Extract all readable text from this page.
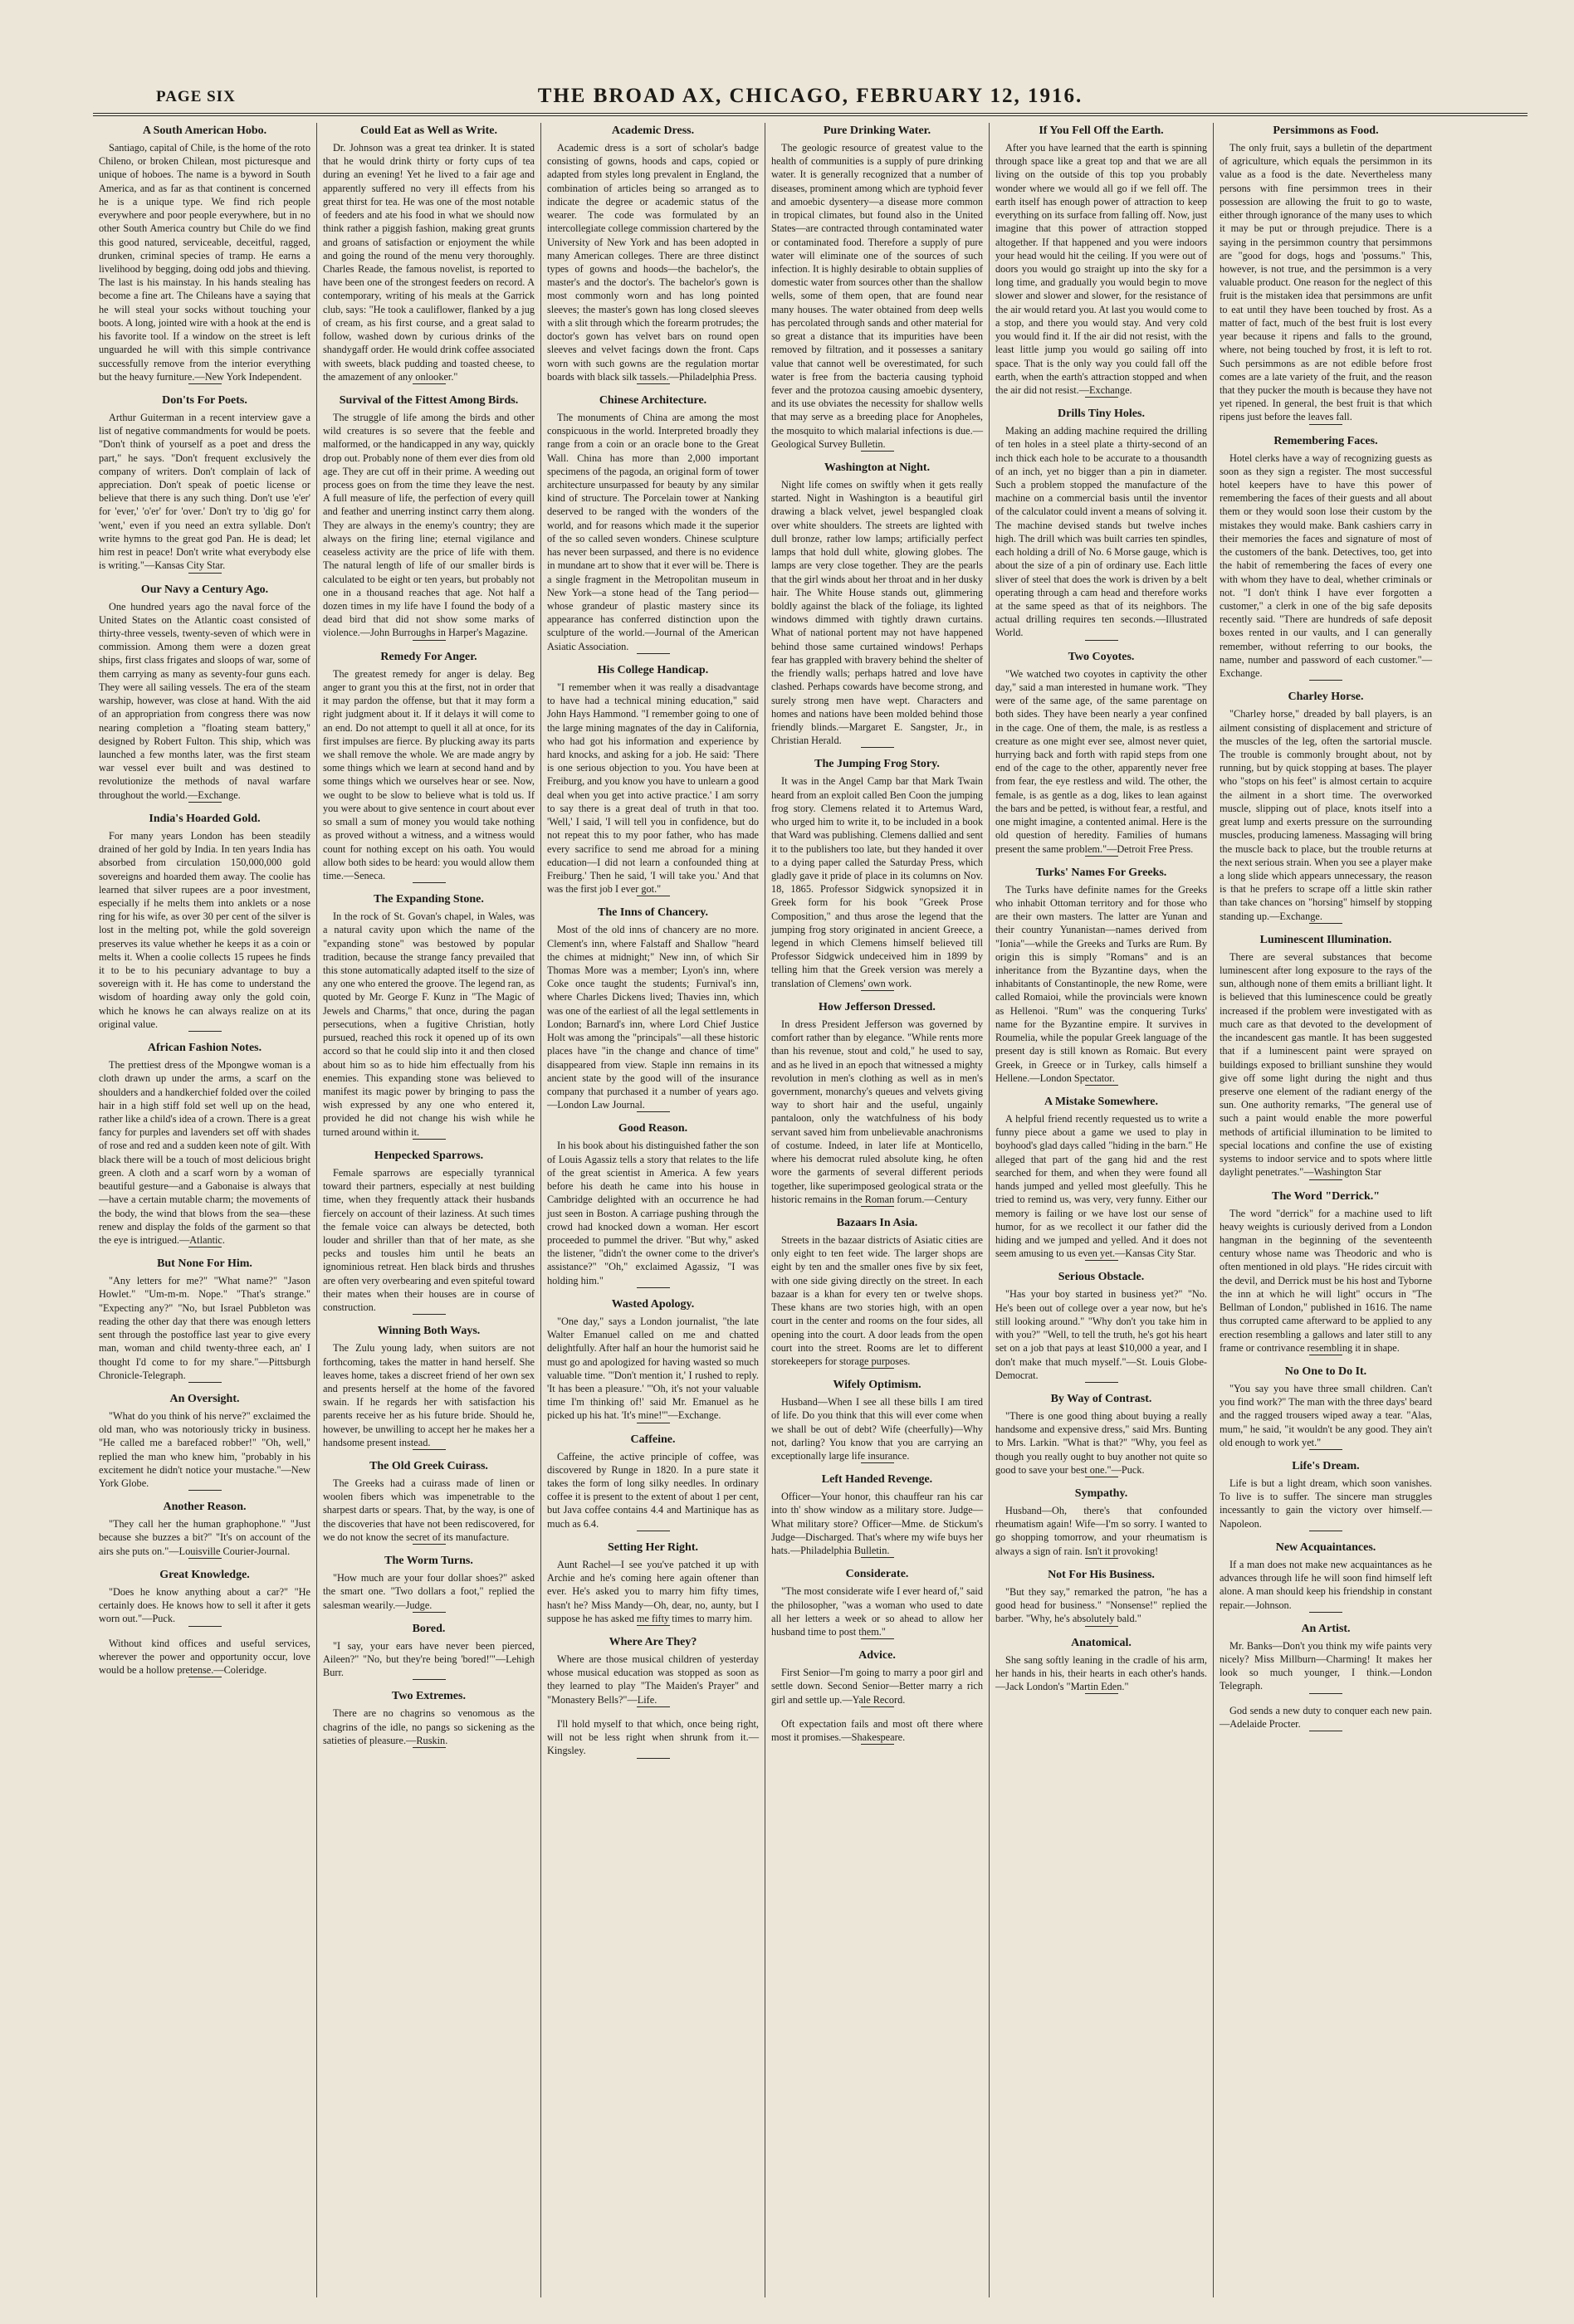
PAGE SIX	THE BROAD AX, CHICAGO, FEBRUARY 12, 1916.
A South American Hobo.

Santiago, capital of Chile, is the home of the roto Chileno, or broken Chilean, most picturesque and unique of hoboes. The name is a byword in South America, and as far as that continent is concerned he is a unique type. We find rich people everywhere and poor people everywhere, but in no other South America country but Chile do we find this good natured, serviceable, deceitful, ragged, drunken, criminal species of tramp. He earns a livelihood by begging, doing odd jobs and thieving. The last is his mainstay. In his hands stealing has become a fine art. The Chileans have a saying that he will steal your socks without touching your boots. A long, jointed wire with a hook at the end is his favorite tool. If a window on the street is left unguarded he will with this simple contrivance successfully remove from the interior everything but the heavy furniture.—New York Independent.

Don'ts For Poets.

Arthur Guiterman in a recent interview gave a list of negative commandments for would be poets. "Don't think of yourself as a poet and dress the part," he says. "Don't frequent exclusively the company of writers. Don't complain of lack of appreciation. Don't speak of poetic license or believe that there is any such thing. Don't use 'e'er' for 'ever,' 'o'er' for 'over.' Don't try to 'dig go' for 'went,' even if you need an extra syllable. Don't write hymns to the great god Pan. He is dead; let him rest in peace! Don't write what everybody else is writing."—Kansas City Star.

Our Navy a Century Ago.

One hundred years ago the naval force of the United States on the Atlantic coast consisted of thirty-three vessels, twenty-seven of which were in commission. Among them were a dozen great ships, first class frigates and sloops of war, some of them carrying as many as seventy-four guns each. They were all sailing vessels. The era of the steam warship, however, was close at hand. With the aid of an appropriation from congress there was now nearing completion a "floating steam battery," designed by Robert Fulton. This ship, which was launched a few months later, was the first steam war vessel ever built and was destined to revolutionize the methods of naval warfare throughout the world.—Exchange.

India's Hoarded Gold.

For many years London has been steadily drained of her gold by India. In ten years India has absorbed from circulation 150,000,000 gold sovereigns and hoarded them away. The coolie has learned that silver rupees are a poor investment, especially if he melts them into anklets or a nose ring for his wife, as over 30 per cent of the silver is lost in the melting pot, while the gold sovereign preserves its value whether he keeps it as a coin or melts it. When a coolie collects 15 rupees he finds it to be to his pecuniary advantage to buy a sovereign with it. He has come to understand the wisdom of hoarding away only the gold coin, which he knows he can always realize on at its original value.

African Fashion Notes.

The prettiest dress of the Mpongwe woman is a cloth drawn up under the arms, a scarf on the shoulders and a handkerchief folded over the coiled hair in a high stiff fold set well up on the head, rather like a child's idea of a crown. There is a great fancy for purples and lavenders set off with shades of rose and red and a sudden keen note of gilt. With black there will be a touch of most delicious bright green. A cloth and a scarf worn by a woman of beautiful gesture—and a Gabonaise is always that—have a certain mutable charm; the movements of the body, the wind that blows from the sea—these renew and display the folds of the garment so that the eye is intrigued.—Atlantic.

But None For Him.

"Any letters for me?" "What name?" "Jason Howlet." "Um-m-m. Nope." "That's strange." "Expecting any?" "No, but Israel Pubbleton was reading the other day that there was enough letters sent through the postoffice last year to give every man, woman and child twenty-three each, an' I thought I'd come to for my share."—Pittsburgh Chronicle-Telegraph.

An Oversight.

"What do you think of his nerve?" exclaimed the old man, who was notoriously tricky in business. "He called me a barefaced robber!" "Oh, well," replied the man who knew him, "probably in his excitement he didn't notice your mustache."—New York Globe.

Another Reason.

"They call her the human graphophone." "Just because she buzzes a bit?" "It's on account of the airs she puts on."—Louisville Courier-Journal.

Great Knowledge.

"Does he know anything about a car?" "He certainly does. He knows how to sell it after it gets worn out."—Puck.

Without kind offices and useful services, wherever the power and opportunity occur, love would be a hollow pretense.—Coleridge.

Could Eat as Well as Write.

Dr. Johnson was a great tea drinker. It is stated that he would drink thirty or forty cups of tea during an evening! Yet he lived to a fair age and apparently suffered no very ill effects from his great thirst for tea. He was one of the most notable of feeders and ate his food in what we should now think rather a piggish fashion, making great grunts and groans of satisfaction or enjoyment the while and going the round of the menu very thoroughly. Charles Reade, the famous novelist, is reported to have been one of the strongest feeders on record. A contemporary, writing of his meals at the Garrick club, says: "He took a cauliflower, flanked by a jug of cream, as his first course, and a great salad to follow, washed down by curious drinks of the shandygaff order. He would drink coffee associated with sweets, black pudding and toasted cheese, to the amazement of any onlooker."

Survival of the Fittest Among Birds.

The struggle of life among the birds and other wild creatures is so severe that the feeble and malformed, or the handicapped in any way, quickly drop out. Probably none of them ever dies from old age. They are cut off in their prime. A weeding out process goes on from the time they leave the nest. A full measure of life, the perfection of every quill and feather and unerring instinct carry them along. They are always in the enemy's country; they are always on the firing line; eternal vigilance and ceaseless activity are the price of life with them. The natural length of life of our smaller birds is calculated to be eight or ten years, but probably not one in a thousand reaches that age. Not half a dozen times in my life have I found the body of a dead bird that did not show some marks of violence.—John Burroughs in Harper's Magazine.

Remedy For Anger.

The greatest remedy for anger is delay. Beg anger to grant you this at the first, not in order that it may pardon the offense, but that it may form a right judgment about it. If it delays it will come to an end. Do not attempt to quell it all at once, for its first impulses are fierce. By plucking away its parts we shall remove the whole. We are made angry by some things which we learn at second hand and by some things which we ourselves hear or see. Now, we ought to be slow to believe what is told us. If you were about to give sentence in court about ever so small a sum of money you would take nothing as proved without a witness, and a witness would count for nothing except on his oath. You would allow both sides to be heard: you would allow them time.—Seneca.

The Expanding Stone.

In the rock of St. Govan's chapel, in Wales, was a natural cavity upon which the name of the "expanding stone" was bestowed by popular tradition, because the strange fancy prevailed that this stone automatically adapted itself to the size of any one who entered the groove. The legend ran, as quoted by Mr. George F. Kunz in "The Magic of Jewels and Charms," that once, during the pagan persecutions, when a fugitive Christian, hotly pursued, reached this rock it opened up of its own accord so that he could slip into it and then closed about him so as to hide him effectually from his enemies. This expanding stone was believed to manifest its magic power by bringing to pass the wish expressed by any one who entered it, provided he did not change his wish while he turned around within it.

Henpecked Sparrows.

Female sparrows are especially tyrannical toward their partners, especially at nest building time, when they frequently attack their husbands fiercely on account of their laziness. At such times the female voice can always be detected, both louder and shriller than that of her mate, as she pecks and tousles him until he beats an ignominious retreat. Hen black birds and thrushes are often very overbearing and even spiteful toward their mates when their houses are in course of construction.

Winning Both Ways.

The Zulu young lady, when suitors are not forthcoming, takes the matter in hand herself. She leaves home, takes a discreet friend of her own sex and presents herself at the home of the favored swain. If he regards her with satisfaction his parents receive her as his future bride. Should he, however, be unwilling to accept her he makes her a handsome present instead.

The Old Greek Cuirass.

The Greeks had a cuirass made of linen or woolen fibers which was impenetrable to the sharpest darts or spears. That, by the way, is one of the discoveries that have not been rediscovered, for we do not know the secret of its manufacture.

The Worm Turns.

"How much are your four dollar shoes?" asked the smart one. "Two dollars a foot," replied the salesman wearily.—Judge.

Bored.

"I say, your ears have never been pierced, Aileen?" "No, but they're being 'bored!'"—Lehigh Burr.

Two Extremes.

There are no chagrins so venomous as the chagrins of the idle, no pangs so sickening as the satieties of pleasure.—Ruskin.

Academic Dress.

Academic dress is a sort of scholar's badge consisting of gowns, hoods and caps, copied or adapted from styles long prevalent in England, the combination of articles being so arranged as to indicate the degree or academic status of the wearer. The code was formulated by an intercollegiate college commission chartered by the University of New York and has been adopted in many American colleges. There are three distinct types of gowns and hoods—the bachelor's, the master's and the doctor's. The bachelor's gown is most commonly worn and has long pointed sleeves; the master's gown has long closed sleeves with a slit through which the forearm protrudes; the doctor's gown has velvet bars on round open sleeves and velvet facings down the front. Caps worn with such gowns are the regulation mortar boards with black silk tassels.—Philadelphia Press.

Chinese Architecture.

The monuments of China are among the most conspicuous in the world. Interpreted broadly they range from a coin or an oracle bone to the Great Wall. China has more than 2,000 important specimens of the pagoda, an original form of tower architecture unsurpassed for beauty by any similar kind of structure. The Porcelain tower at Nanking deserved to be ranged with the wonders of the world, and for reasons which made it the superior of the so called seven wonders. Chinese sculpture has never been surpassed, and there is no evidence in mundane art to show that it ever will be. There is a single fragment in the Metropolitan museum in New York—a stone head of the Tang period—whose grandeur of plastic mastery since its appearance has conferred distinction upon the sculpture of the world.—Journal of the American Asiatic Association.

His College Handicap.

"I remember when it was really a disadvantage to have had a technical mining education," said John Hays Hammond. "I remember going to one of the large mining magnates of the day in California, who had got his information and experience by hard knocks, and asking for a job. He said: 'There is one serious objection to you. You have been at Freiburg, and you know you have to unlearn a good deal when you get into active practice.' I am sorry to say there is a great deal of truth in that too. 'Well,' I said, 'I will tell you in confidence, but do not repeat this to my poor father, who has made every sacrifice to send me abroad for a mining education—I did not learn a confounded thing at Freiburg.' Then he said, 'I will take you.' And that was the first job I ever got."

The Inns of Chancery.

Most of the old inns of chancery are no more. Clement's inn, where Falstaff and Shallow "heard the chimes at midnight;" New inn, of which Sir Thomas More was a member; Lyon's inn, where Coke once taught the students; Furnival's inn, where Charles Dickens lived; Thavies inn, which was one of the earliest of all the legal settlements in London; Barnard's inn, where Lord Chief Justice Holt was among the "principals"—all these historic places have "in the change and chance of time" disappeared from view. Staple inn remains in its ancient state by the good will of the insurance company that purchased it a number of years ago.—London Law Journal.

Good Reason.

In his book about his distinguished father the son of Louis Agassiz tells a story that relates to the life of the great scientist in America. A few years before his death he came into his house in Cambridge delighted with an occurrence he had just seen in Boston. A carriage pushing through the crowd had knocked down a woman. Her escort proceeded to pummel the driver. "But why," asked the listener, "didn't the owner come to the driver's assistance?" "Oh," exclaimed Agassiz, "I was holding him."

Wasted Apology.

"One day," says a London journalist, "the late Walter Emanuel called on me and chatted delightfully. After half an hour the humorist said he must go and apologized for having wasted so much valuable time. "'Don't mention it,' I rushed to reply. 'It has been a pleasure.' "'Oh, it's not your valuable time I'm thinking of!' said Mr. Emanuel as he picked up his hat. 'It's mine!'"—Exchange.

Caffeine.

Caffeine, the active principle of coffee, was discovered by Runge in 1820. In a pure state it takes the form of long silky needles. In ordinary coffee it is present to the extent of about 1 per cent, but Java coffee contains 4.4 and Martinique has as much as 6.4.

Setting Her Right.

Aunt Rachel—I see you've patched it up with Archie and he's coming here again oftener than ever. He's asked you to marry him fifty times, hasn't he? Miss Mandy—Oh, dear, no, aunty, but I suppose he has asked me fifty times to marry him.

Where Are They?

Where are those musical children of yesterday whose musical education was stopped as soon as they learned to play "The Maiden's Prayer" and "Monastery Bells?"—Life.

I'll hold myself to that which, once being right, will not be less right when shrunk from it.—Kingsley.

Pure Drinking Water.

The geologic resource of greatest value to the health of communities is a supply of pure drinking water. It is generally recognized that a number of diseases, prominent among which are typhoid fever and amoebic dysentery—a disease more common in tropical climates, but found also in the United States—are contracted through contaminated water or contaminated food. Therefore a supply of pure water will eliminate one of the sources of such infection. It is highly desirable to obtain supplies of domestic water from sources other than the shallow wells, some of them open, that are found near many houses. The water obtained from deep wells has percolated through sands and other material for so great a distance that its impurities have been removed by filtration, and it possesses a sanitary value that cannot well be overestimated, for such water is free from the bacteria causing typhoid fever and the protozoa causing amoebic dysentery, and its use obviates the necessity for shallow wells that may serve as a breeding place for Anopheles, the mosquito to which malarial infections is due.—Geological Survey Bulletin.

Washington at Night.

Night life comes on swiftly when it gets really started. Night in Washington is a beautiful girl drawing a black velvet, jewel bespangled cloak over white shoulders. The streets are lighted with dull bronze, rather low lamps; artificially perfect lamps that hold dull white, glowing globes. The lamps are very close together. They are the pearls that the girl winds about her throat and in her dusky hair. The White House stands out, glimmering boldly against the black of the foliage, its lighted windows dimmed with tightly drawn curtains. What of national portent may not have happened behind those same curtained windows! Perhaps fear has grappled with bravery behind the shelter of the friendly walls; perhaps hatred and love have clashed. Perhaps cowards have become strong, and surely strong men have wept. Characters and homes and nations have been molded behind those friendly blinds.—Margaret E. Sangster, Jr., in Christian Herald.

The Jumping Frog Story.

It was in the Angel Camp bar that Mark Twain heard from an exploit called Ben Coon the jumping frog story. Clemens related it to Artemus Ward, who urged him to write it, to be included in a book that Ward was publishing. Clemens dallied and sent it to the publishers too late, but they handed it over to a dying paper called the Saturday Press, which gladly gave it pride of place in its columns on Nov. 18, 1865. Professor Sidgwick synopsized it in Greek form for his book "Greek Prose Composition," and thus arose the legend that the jumping frog story originated in ancient Greece, a legend in which Clemens himself believed till Professor Sidgwick undeceived him in 1899 by telling him that the Greek version was merely a translation of Clemens' own work.

How Jefferson Dressed.

In dress President Jefferson was governed by comfort rather than by elegance. "While rents more than his revenue, stout and cold," he used to say, and as he lived in an epoch that witnessed a mighty revolution in men's clothing as well as in men's government, monarchy's queues and velvets giving way to short hair and the useful, ungainly pantaloon, only the watchfulness of his body servant saved him from unbelievable anachronisms of costume. Indeed, in later life at Monticello, where his democrat ruled absolute king, he often wore the garments of several different periods together, like superimposed geological strata or the historic remains in the Roman forum.—Century

Bazaars In Asia.

Streets in the bazaar districts of Asiatic cities are only eight to ten feet wide. The larger shops are eight by ten and the smaller ones five by six feet, with one side giving directly on the street. In each bazaar is a khan for every ten or twelve shops. These khans are two stories high, with an open court in the center and rooms on the four sides, all opening into the court. A door leads from the open court into the street. Rooms are let to different storekeepers for storage purposes.

Wifely Optimism.

Husband—When I see all these bills I am tired of life. Do you think that this will ever come when we shall be out of debt? Wife (cheerfully)—Why not, darling? You know that you are carrying an exceptionally large life insurance.

Left Handed Revenge.

Officer—Your honor, this chauffeur ran his car into th' show window as a military store. Judge—What military store? Officer—Mme. de Stickum's Judge—Discharged. That's where my wife buys her hats.—Philadelphia Bulletin.

Considerate.

"The most considerate wife I ever heard of," said the philosopher, "was a woman who used to date all her letters a week or so ahead to allow her husband time to post them."

Advice.

First Senior—I'm going to marry a poor girl and settle down. Second Senior—Better marry a rich girl and settle up.—Yale Record.

Oft expectation fails and most oft there where most it promises.—Shakespeare.

If You Fell Off the Earth.

After you have learned that the earth is spinning through space like a great top and that we are all living on the outside of this top you probably wonder where we would all go if we fell off. The earth itself has enough power of attraction to keep everything on its surface from falling off. Now, just imagine that this power of attraction stopped altogether. If that happened and you were indoors your head would hit the ceiling. If you were out of doors you would go straight up into the sky for a long time, and gradually you would begin to move slower and slower and slower, for the resistance of the air would retard you. At last you would come to a stop, and there you would stay. And very cold you would find it. If the air did not resist, with the least little jump you would go sailing off into space. That is the only way you could fall off the earth, when the earth's attraction stopped and when the air did not resist.—Exchange.

Drills Tiny Holes.

Making an adding machine required the drilling of ten holes in a steel plate a thirty-second of an inch thick each hole to be accurate to a thousandth of an inch, yet no bigger than a pin in diameter. Such a problem stopped the manufacture of the machine on a commercial basis until the inventor of the calculator could invent a means of solving it. The machine devised stands but twelve inches high. The drill which was built carries ten spindles, each holding a drill of No. 6 Morse gauge, which is about the size of a pin of ordinary use. Each little sliver of steel that does the work is driven by a belt operating through a cam head and therefore works at the same speed as that of its neighbors. The actual drilling requires ten seconds.—Illustrated World.

Two Coyotes.

"We watched two coyotes in captivity the other day," said a man interested in humane work. "They were of the same age, of the same parentage on both sides. They have been nearly a year confined in the cage. One of them, the male, is as restless a creature as one might ever see, almost never quiet, hurrying back and forth with rapid steps from one end of the cage to the other, apparently never free from fear, the eye restless and wild. The other, the female, is as gentle as a dog, likes to lean against the bars and be petted, is without fear, a restful, and one might imagine, a contented animal. Here is the old question of heredity. Families of humans present the same problem."—Detroit Free Press.

Turks' Names For Greeks.

The Turks have definite names for the Greeks who inhabit Ottoman territory and for those who are their own masters. The latter are Yunan and their country Yunanistan—names derived from "Ionia"—while the Greeks and Turks are Rum. By origin this is simply "Romans" and is an inheritance from the Byzantine days, when the inhabitants of Constantinople, the new Rome, were called Romaioi, while the provincials were known as Hellenoi. "Rum" was the conquering Turks' name for the Byzantine empire. It survives in Roumelia, while the popular Greek language of the present day is still known as Romaic. But every Greek, in Greece or in Turkey, calls himself a Hellene.—London Spectator.

A Mistake Somewhere.

A helpful friend recently requested us to write a funny piece about a game we used to play in boyhood's glad days called "hiding in the barn." He alleged that part of the gang hid and the rest searched for them, and when they were found all hands jumped and yelled most gleefully. This he tried to remind us, was very, very funny. Either our memory is failing or we have lost our sense of humor, for as we recollect it our father did the hiding and we jumped and yelled. And it does not seem amusing to us even yet.—Kansas City Star.

Serious Obstacle.

"Has your boy started in business yet?" "No. He's been out of college over a year now, but he's still looking around." "Why don't you take him in with you?" "Well, to tell the truth, he's got his heart set on a job that pays at least $10,000 a year, and I don't make that much myself."—St. Louis Globe-Democrat.

By Way of Contrast.

"There is one good thing about buying a really handsome and expensive dress," said Mrs. Bunting to Mrs. Larkin. "What is that?" "Why, you feel as though you really ought to buy another not quite so good to save your best one."—Puck.

Sympathy.

Husband—Oh, there's that confounded rheumatism again! Wife—I'm so sorry. I wanted to go shopping tomorrow, and your rheumatism is always a sign of rain. Isn't it provoking!

Not For His Business.

"But they say," remarked the patron, "he has a good head for business." "Nonsense!" replied the barber. "Why, he's absolutely bald."

Anatomical.

She sang softly leaning in the cradle of his arm, her hands in his, their hearts in each other's hands.—Jack London's "Martin Eden."

Persimmons as Food.

The only fruit, says a bulletin of the department of agriculture, which equals the persimmon in its value as a food is the date. Nevertheless many persons with fine persimmon trees in their possession are allowing the fruit to go to waste, either through ignorance of the many uses to which it may be put or through prejudice. There is a saying in the persimmon country that persimmons are "good for dogs, hogs and 'possums." This, however, is not true, and the persimmon is a very valuable product. One reason for the neglect of this fruit is the mistaken idea that persimmons are unfit to eat until they have been touched by frost. As a matter of fact, much of the best fruit is lost every year because it ripens and falls to the ground, where, not being touched by frost, it is left to rot. Such persimmons as are not edible before frost comes are a late variety of the fruit, and the reason that they pucker the mouth is because they have not yet ripened. In general, the best fruit is that which ripens just before the leaves fall.

Remembering Faces.

Hotel clerks have a way of recognizing guests as soon as they sign a register. The most successful hotel keepers have to have this power of remembering the faces of their guests and all about them or they would soon lose their custom by the mistakes they would make. Bank cashiers carry in their memories the faces and signature of most of the customers of the bank. Detectives, too, get into the habit of remembering the faces of every one with whom they have to deal, whether criminals or not. "I don't think I have ever forgotten a customer," a clerk in one of the big safe deposits recently said. "There are hundreds of safe deposit boxes rented in our vaults, and I can generally remember, without referring to our books, the name, number and password of each customer."—Exchange.

Charley Horse.

"Charley horse," dreaded by ball players, is an ailment consisting of displacement and stricture of the muscles of the leg, often the sartorial muscle. The trouble is commonly brought about, not by running, but by quick stopping at bases. The player who "stops on his feet" is almost certain to acquire the ailment in a short time. The overworked muscle, slipping out of place, knots itself into a great lump and exerts pressure on the surrounding muscles, producing lameness. Massaging will bring the muscle back to place, but the trouble returns at the next serious strain. When you see a player make a long slide which appears unnecessary, the reason is that he prefers to scrape off a little skin rather than take chances on "horsing" himself by stopping standing up.—Exchange.

Luminescent Illumination.

There are several substances that become luminescent after long exposure to the rays of the sun, although none of them emits a brilliant light. It is believed that this luminescence could be greatly increased if the problem were investigated with as much care as that devoted to the development of the incandescent gas mantle. It has been suggested that if a luminescent paint were sprayed on buildings exposed to brilliant sunshine they would give off some light during the night and thus preserve one element of the radiant energy of the sun. One authority remarks, "The general use of such a paint would enable the more powerful methods of artificial illumination to be limited to special locations and confine the use of existing systems to indoor service and to spots where little daylight penetrates."—Washington Star

The Word "Derrick."

The word "derrick" for a machine used to lift heavy weights is curiously derived from a London hangman in the beginning of the seventeenth century whose name was Theodoric and who is often mentioned in old plays. "He rides circuit with the devil, and Derrick must be his host and Tyborne the inn at which he will light" occurs in "The Bellman of London," published in 1616. The name thus corrupted came afterward to be applied to any erection resembling a gallows and later still to any frame or contrivance resembling it in shape.

No One to Do It.

"You say you have three small children. Can't you find work?" The man with the three days' beard and the ragged trousers wiped away a tear. "Alas, mum," he said, "it wouldn't be any good. They ain't old enough to work yet."

Life's Dream.

Life is but a light dream, which soon vanishes. To live is to suffer. The sincere man struggles incessantly to gain the victory over himself.—Napoleon.

New Acquaintances.

If a man does not make new acquaintances as he advances through life he will soon find himself left alone. A man should keep his friendship in constant repair.—Johnson.

An Artist.

Mr. Banks—Don't you think my wife paints very nicely? Miss Millburn—Charming! It makes her look so much younger, I think.—London Telegraph.

God sends a new duty to conquer each new pain.—Adelaide Procter.
